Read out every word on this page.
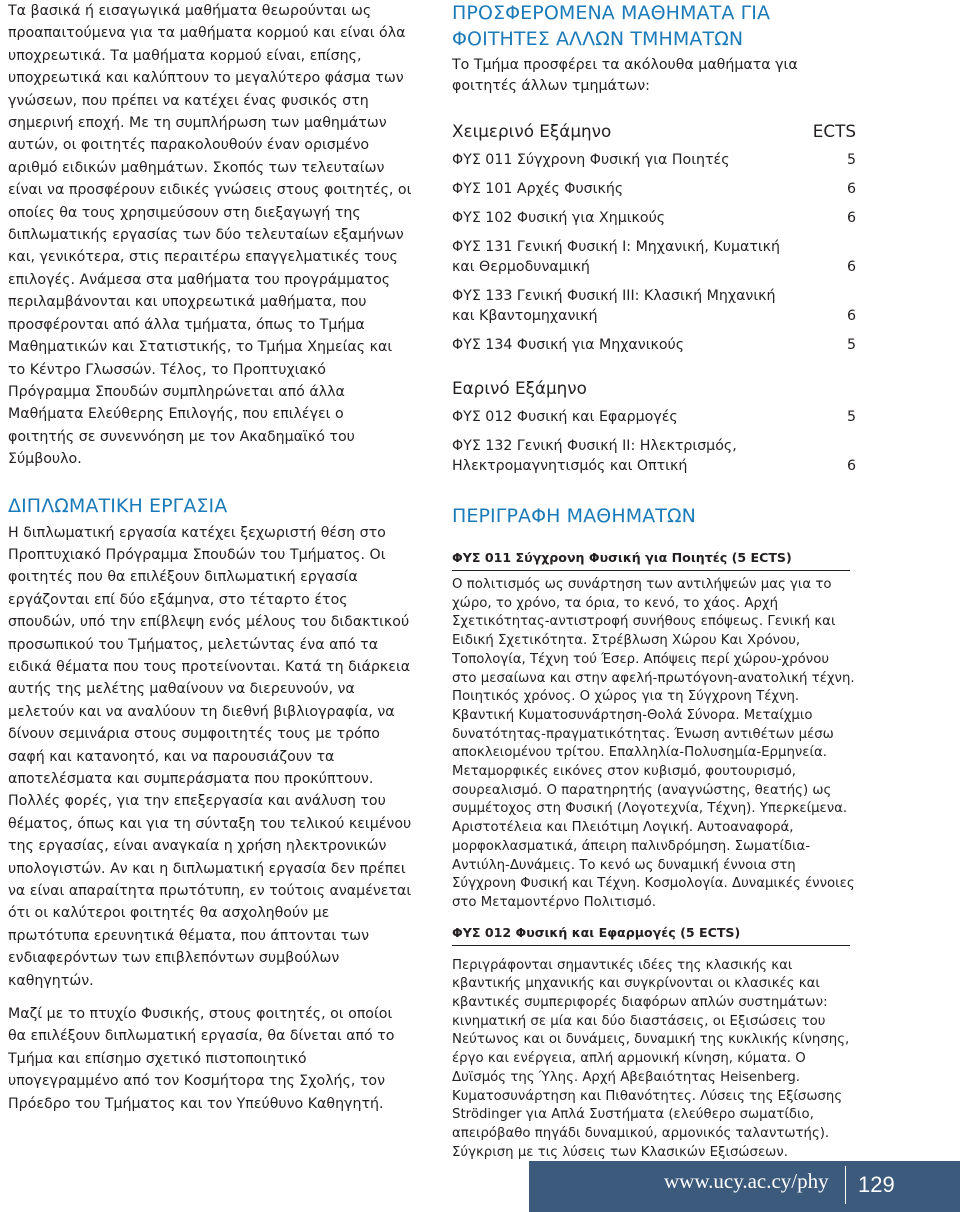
Τα βασικά ή εισαγωγικά μαθήματα θεωρούνται ως προαπαιτούμενα για τα μαθήματα κορμού και είναι όλα υποχρεωτικά. Τα μαθήματα κορμού είναι, επίσης, υποχρεωτικά και καλύπτουν το μεγαλύτερο φάσμα των γνώσεων, που πρέπει να κατέχει ένας φυσικός στη σημερινή εποχή. Με τη συμπλήρωση των μαθημάτων αυτών, οι φοιτητές παρακολουθούν έναν ορισμένο αριθμό ειδικών μαθημάτων. Σκοπός των τελευταίων είναι να προσφέρουν ειδικές γνώσεις στους φοιτητές, οι οποίες θα τους χρησιμεύσουν στη διεξαγωγή της διπλωματικής εργασίας των δύο τελευταίων εξαμήνων και, γενικότερα, στις περαιτέρω επαγγελματικές τους επιλογές. Ανάμεσα στα μαθήματα του προγράμματος περιλαμβάνονται και υποχρεωτικά μαθήματα, που προσφέρονται από άλλα τμήματα, όπως το Τμήμα Μαθηματικών και Στατιστικής, το Τμήμα Χημείας και το Κέντρο Γλωσσών. Τέλος, το Προπτυχιακό Πρόγραμμα Σπουδών συμπληρώνεται από άλλα Μαθήματα Ελεύθερης Επιλογής, που επιλέγει ο φοιτητής σε συνεννόηση με τον Ακαδημαϊκό του Σύμβουλο.

ΔΙΠΛΩΜΑΤΙΚΗ ΕΡΓΑΣΙΑ

Η διπλωματική εργασία κατέχει ξεχωριστή θέση στο Προπτυχιακό Πρόγραμμα Σπουδών του Τμήματος. Οι φοιτητές που θα επιλέξουν διπλωματική εργασία εργάζονται επί δύο εξάμηνα, στο τέταρτο έτος σπουδών, υπό την επίβλεψη ενός μέλους του διδακτικού προσωπικού του Τμήματος, μελετώντας ένα από τα ειδικά θέματα που τους προτείνονται. Κατά τη διάρκεια αυτής της μελέτης μαθαίνουν να διερευνούν, να μελετούν και να αναλύουν τη διεθνή βιβλιογραφία, να δίνουν σεμινάρια στους συμφοιτητές τους με τρόπο σαφή και κατανοητό, και να παρουσιάζουν τα αποτελέσματα και συμπεράσματα που προκύπτουν. Πολλές φορές, για την επεξεργασία και ανάλυση του θέματος, όπως και για τη σύνταξη του τελικού κειμένου της εργασίας, είναι αναγκαία η χρήση ηλεκτρονικών υπολογιστών. Αν και η διπλωματική εργασία δεν πρέπει να είναι απαραίτητα πρωτότυπη, εν τούτοις αναμένεται ότι οι καλύτεροι φοιτητές θα ασχοληθούν με πρωτότυπα ερευνητικά θέματα, που άπτονται των ενδιαφερόντων των επιβλεπόντων συμβούλων καθηγητών.

Μαζί με το πτυχίο Φυσικής, στους φοιτητές, οι οποίοι θα επιλέξουν διπλωματική εργασία, θα δίνεται από το Τμήμα και επίσημο σχετικό πιστοποιητικό υπογεγραμμένο από τον Κοσμήτορα της Σχολής, τον Πρόεδρο του Τμήματος και τον Υπεύθυνο Καθηγητή.

ΠΡΟΣΦΕΡΟΜΕΝΑ ΜΑΘΗΜΑΤΑ ΓΙΑ ΦΟΙΤΗΤΕΣ ΑΛΛΩΝ ΤΜΗΜΑΤΩΝ

Το Τμήμα προσφέρει τα ακόλουθα μαθήματα για φοιτητές άλλων τμημάτων:

Χειμερινό Εξάμηνο	ECTS
ΦΥΣ 011 Σύγχρονη Φυσική για Ποιητές	5
ΦΥΣ 101 Αρχές Φυσικής	6
ΦΥΣ 102 Φυσική για Χημικούς	6
ΦΥΣ 131 Γενική Φυσική Ι: Μηχανική, Κυματική
και Θερμοδυναμική	6
ΦΥΣ 133 Γενική Φυσική ΙΙΙ: Κλασική Μηχανική
και Κβαντομηχανική	6
ΦΥΣ 134 Φυσική για Μηχανικούς	5
Εαρινό Εξάμηνο
ΦΥΣ 012 Φυσική και Εφαρμογές	5
ΦΥΣ 132 Γενική Φυσική ΙΙ: Ηλεκτρισμός,
Ηλεκτρομαγνητισμός και Οπτική	6
ΠΕΡΙΓΡΑΦΗ ΜΑΘΗΜΑΤΩΝ
ΦΥΣ 011 Σύγχρονη Φυσική για Ποιητές (5 ECTS)

Ο πολιτισμός ως συνάρτηση των αντιλήψεών μας για το χώρο, το χρόνο, τα όρια, το κενό, το χάος. Αρχή Σχετικότητας-αντιστροφή συνήθους επόψεως. Γενική και Ειδική Σχετικότητα. Στρέβλωση Χώρου Και Χρόνου, Τοπολογία, Τέχνη τού Έσερ. Απόψεις περί χώρου-χρόνου στο μεσαίωνα και στην αφελή-πρωτόγονη-ανατολική τέχνη. Ποιητικός χρόνος. Ο χώρος για τη Σύγχρονη Τέχνη. Κβαντική Κυματοσυνάρτηση-Θολά Σύνορα. Μεταίχμιο δυνατότητας-πραγματικότητας. Ένωση αντιθέτων μέσω αποκλειομένου τρίτου. Επαλληλία-Πολυσημία-Ερμηνεία. Μεταμορφικές εικόνες στον κυβισμό, φουτουρισμό, σουρεαλισμό. Ο παρατηρητής (αναγνώστης, θεατής) ως συμμέτοχος στη Φυσική (Λογοτεχνία, Τέχνη). Υπερκείμενα. Αριστοτέλεια και Πλειότιμη Λογική. Αυτοαναφορά, μορφοκλασματικά, άπειρη παλινδρόμηση. Σωματίδια-Αντιύλη-Δυνάμεις. Το κενό ως δυναμική έννοια στη Σύγχρονη Φυσική και Τέχνη. Κοσμολογία. Δυναμικές έννοιες στο Μεταμοντέρνο Πολιτισμό.

ΦΥΣ 012 Φυσική και Εφαρμογές (5 ECTS)

Περιγράφονται σημαντικές ιδέες της κλασικής και κβαντικής μηχανικής και συγκρίνονται οι κλασικές και κβαντικές συμπεριφορές διαφόρων απλών συστημάτων: κινηματική σε μία και δύο διαστάσεις, οι Εξισώσεις του Νεύτωνος και οι δυνάμεις, δυναμική της κυκλικής κίνησης, έργο και ενέργεια, απλή αρμονική κίνηση, κύματα. Ο Δυϊσμός της Ύλης. Αρχή Αβεβαιότητας Heisenberg. Κυματοσυνάρτηση και Πιθανότητες. Λύσεις της Εξίσωσης Strödinger για Απλά Συστήματα (ελεύθερο σωματίδιο, απειρόβαθο πηγάδι δυναμικού, αρμονικός ταλαντωτής). Σύγκριση με τις λύσεις των Κλασικών Εξισώσεων.

www.ucy.ac.cy/phy 129
